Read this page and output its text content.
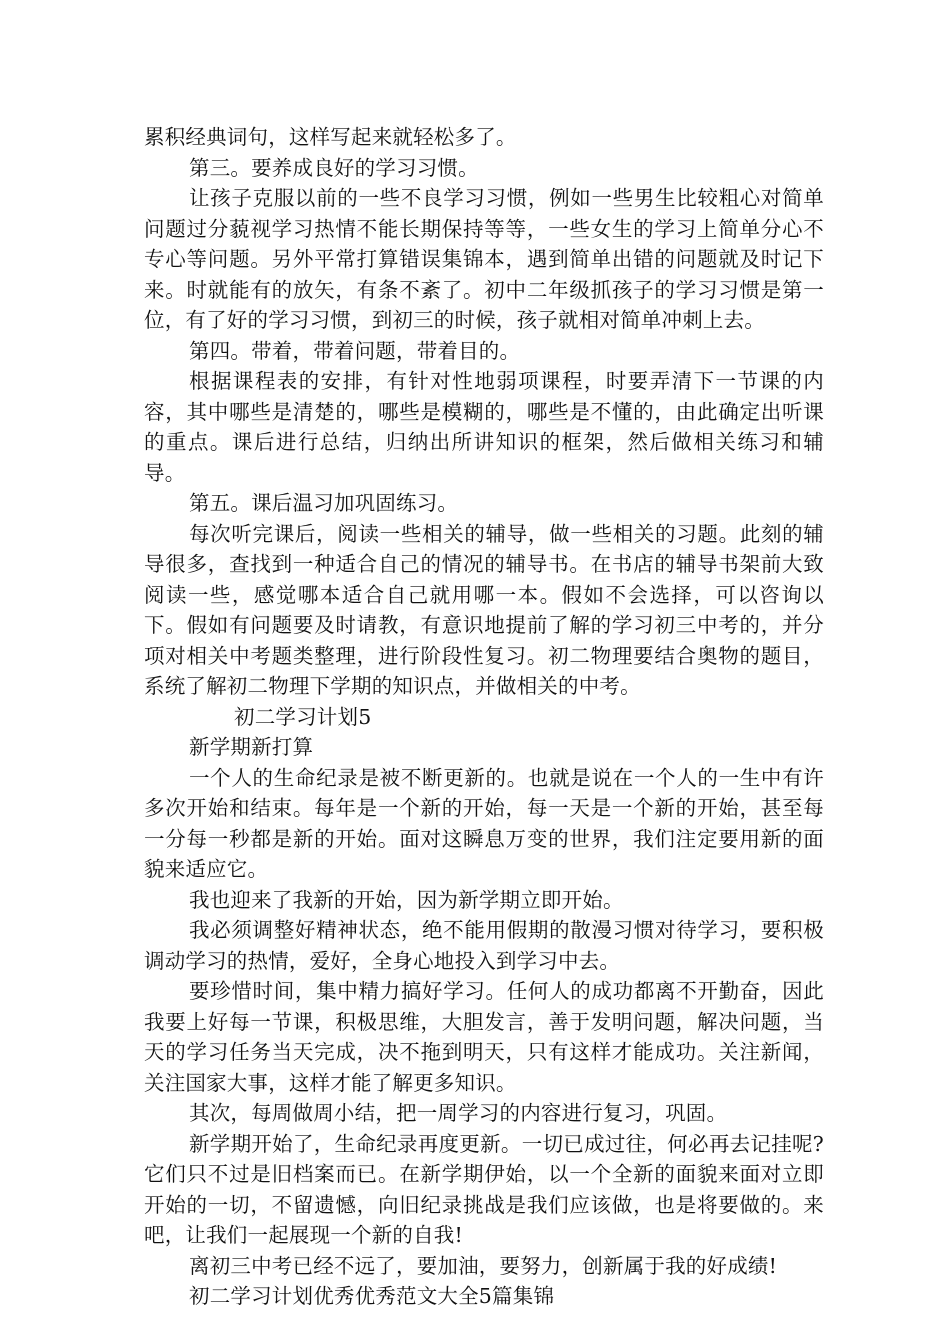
累积经典词句，这样写起来就轻松多了。

第三。要养成良好的学习习惯。

让孩子克服以前的一些不良学习习惯，例如一些男生比较粗心对简单问题过分藐视学习热情不能长期保持等等，一些女生的学习上简单分心不专心等问题。另外平常打算错误集锦本，遇到简单出错的问题就及时记下来。时就能有的放矢，有条不紊了。初中二年级抓孩子的学习习惯是第一位，有了好的学习习惯，到初三的时候，孩子就相对简单冲刺上去。

第四。带着，带着问题，带着目的。

根据课程表的安排，有针对性地弱项课程，时要弄清下一节课的内容，其中哪些是清楚的，哪些是模糊的，哪些是不懂的，由此确定出听课的重点。课后进行总结，归纳出所讲知识的框架，然后做相关练习和辅导。

第五。课后温习加巩固练习。

每次听完课后，阅读一些相关的辅导，做一些相关的习题。此刻的辅导很多，查找到一种适合自己的情况的辅导书。在书店的辅导书架前大致阅读一些，感觉哪本适合自己就用哪一本。假如不会选择，可以咨询以下。假如有问题要及时请教，有意识地提前了解的学习初三中考的，并分项对相关中考题类整理，进行阶段性复习。初二物理要结合奥物的题目，系统了解初二物理下学期的知识点，并做相关的中考。

初二学习计划5

新学期新打算

一个人的生命纪录是被不断更新的。也就是说在一个人的一生中有许多次开始和结束。每年是一个新的开始，每一天是一个新的开始，甚至每一分每一秒都是新的开始。面对这瞬息万变的世界，我们注定要用新的面貌来适应它。

我也迎来了我新的开始，因为新学期立即开始。

我必须调整好精神状态，绝不能用假期的散漫习惯对待学习，要积极调动学习的热情，爱好，全身心地投入到学习中去。

要珍惜时间，集中精力搞好学习。任何人的成功都离不开勤奋，因此我要上好每一节课，积极思维，大胆发言，善于发明问题，解决问题，当天的学习任务当天完成，决不拖到明天，只有这样才能成功。关注新闻，关注国家大事，这样才能了解更多知识。

其次，每周做周小结，把一周学习的内容进行复习，巩固。

新学期开始了，生命纪录再度更新。一切已成过往，何必再去记挂呢?它们只不过是旧档案而已。在新学期伊始，以一个全新的面貌来面对立即开始的一切，不留遗憾，向旧纪录挑战是我们应该做，也是将要做的。来吧，让我们一起展现一个新的自我!

离初三中考已经不远了，要加油，要努力，创新属于我的好成绩!

初二学习计划优秀优秀范文大全5篇集锦
